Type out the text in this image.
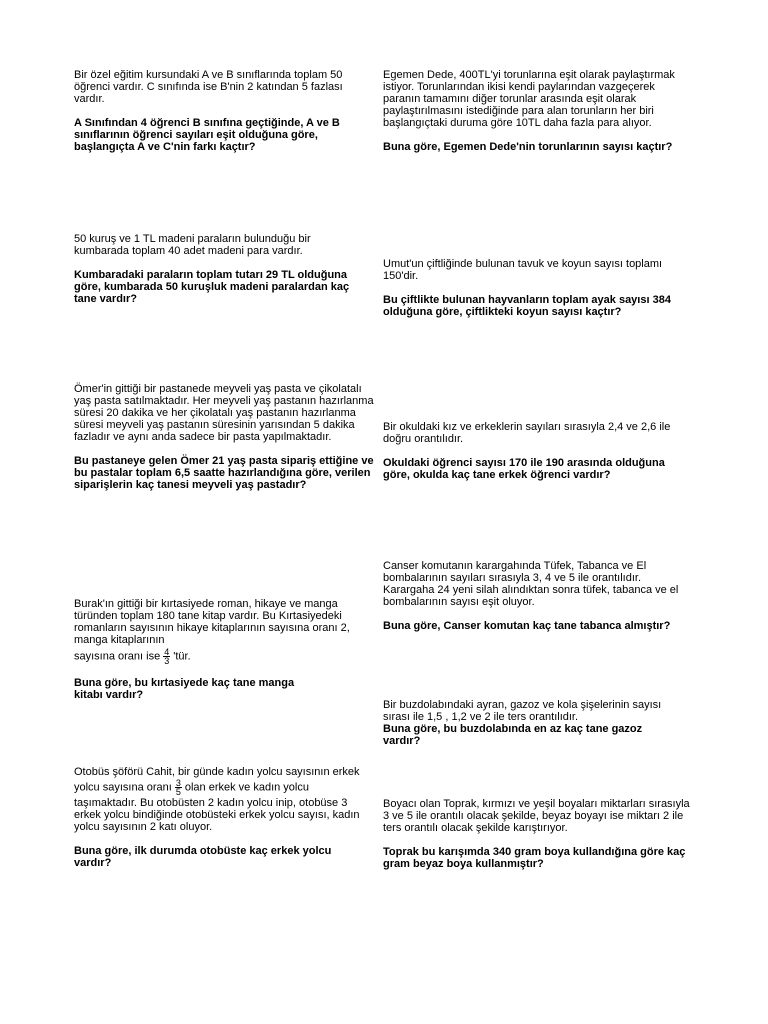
Bir özel eğitim kursundaki A ve B sınıflarında toplam 50 öğrenci vardır. C sınıfında ise B'nin 2 katından 5 fazlası vardır.

A Sınıfından 4 öğrenci B sınıfına geçtiğinde, A ve B sınıflarının öğrenci sayıları eşit olduğuna göre, başlangıçta A ve C'nin farkı kaçtır?

50 kuruş ve 1 TL madeni paraların bulunduğu bir kumbarada toplam 40 adet madeni para vardır.

Kumbaradaki paraların toplam tutarı 29 TL olduğuna göre, kumbarada 50 kuruşluk madeni paralardan kaç tane vardır?

Ömer'in gittiği bir pastanede meyveli yaş pasta ve çikolatalı yaş pasta satılmaktadır. Her meyveli yaş pastanın hazırlanma süresi 20 dakika ve her çikolatalı yaş pastanın hazırlanma süresi meyveli yaş pastanın süresinin yarısından 5 dakika fazladır ve aynı anda sadece bir pasta yapılmaktadır.

Bu pastaneye gelen Ömer 21 yaş pasta sipariş ettiğine ve bu pastalar toplam 6,5 saatte hazırlandığına göre, verilen siparişlerin kaç tanesi meyveli yaş pastadır?

Burak'ın gittiği bir kırtasiyede roman, hikaye ve manga türünden toplam 180 tane kitap vardır. Bu Kırtasiyedeki romanların sayısının hikaye kitaplarının sayısına oranı 2, manga kitaplarının

sayısına oranı ise $\frac{4}{3}$ 'tür.

Buna göre, bu kırtasiyede kaç tane manga kitabı vardır?

Otobüs şöförü Cahit, bir günde kadın yolcu sayısının erkek

yolcu sayısına oranı $\frac{3}{5}$ olan erkek ve kadın yolcu

taşımaktadır. Bu otobüsten 2 kadın yolcu inip, otobüse 3 erkek yolcu bindiğinde otobüsteki erkek yolcu sayısı, kadın yolcu sayısının 2 katı oluyor.

Buna göre, ilk durumda otobüste kaç erkek yolcu vardır?

Egemen Dede, 400TL'yi torunlarına eşit olarak paylaştırmak istiyor. Torunlarından ikisi kendi paylarından vazgeçerek paranın tamamını diğer torunlar arasında eşit olarak paylaştırılmasını istediğinde para alan torunların her biri başlangıçtaki duruma göre 10TL daha fazla para alıyor.

Buna göre, Egemen Dede'nin torunlarının sayısı kaçtır?

Umut'un çiftliğinde bulunan tavuk ve koyun sayısı toplamı 150'dir.

Bu çiftlikte bulunan hayvanların toplam ayak sayısı 384 olduğuna göre, çiftlikteki koyun sayısı kaçtır?

Bir okuldaki kız ve erkeklerin sayıları sırasıyla 2,4 ve 2,6 ile doğru orantılıdır.

Okuldaki öğrenci sayısı 170 ile 190 arasında olduğuna göre, okulda kaç tane erkek öğrenci vardır?

Canser komutanın karargahında Tüfek, Tabanca ve El bombalarının sayıları sırasıyla 3, 4 ve 5 ile orantılıdır. Karargaha 24 yeni silah alındıktan sonra tüfek, tabanca ve el bombalarının sayısı eşit oluyor.

Buna göre, Canser komutan kaç tane tabanca almıştır?

Bir buzdolabındaki ayran, gazoz ve kola şişelerinin sayısı sırası ile 1,5 , 1,2 ve 2 ile ters orantılıdır.

Buna göre, bu buzdolabında en az kaç tane gazoz vardır?

Boyacı olan Toprak, kırmızı ve yeşil boyaları miktarları sırasıyla 3 ve 5 ile orantılı olacak şekilde, beyaz boyayı ise miktarı 2 ile ters orantılı olacak şekilde karıştırıyor.

Toprak bu karışımda 340 gram boya kullandığına göre kaç gram beyaz boya kullanmıştır?
